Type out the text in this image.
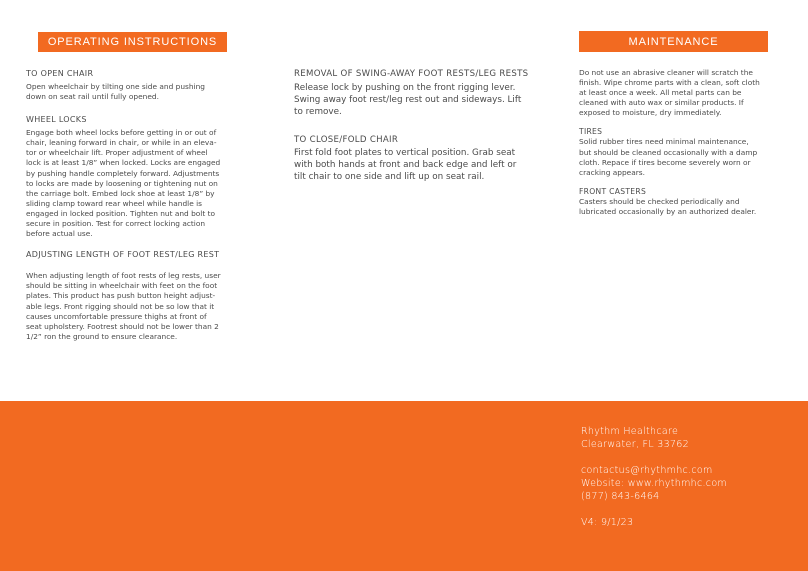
OPERATING INSTRUCTIONS

TO OPEN CHAIR

Open wheelchair by tilting one side and pushing
down on seat rail until fully opened.

WHEEL LOCKS

Engage both wheel locks before getting in or out of
chair, leaning forward in chair, or while in an eleva-
tor or wheelchair lift. Proper adjustment of wheel
lock is at least 1/8” when locked. Locks are engaged
by pushing handle completely forward. Adjustments
to locks are made by loosening or tightening nut on
the carriage bolt. Embed lock shoe at least 1/8” by
sliding clamp toward rear wheel while handle is
engaged in locked position. Tighten nut and bolt to
secure in position. Test for correct locking action
before actual use.

ADJUSTING LENGTH OF FOOT REST/LEG REST

When adjusting length of foot rests of leg rests, user
should be sitting in wheelchair with feet on the foot
plates. This product has push button height adjust-
able legs. Front rigging should not be so low that it
causes uncomfortable pressure thighs at front of
seat upholstery. Footrest should not be lower than 2
1/2” ron the ground to ensure clearance.

REMOVAL OF SWING-AWAY FOOT RESTS/LEG RESTS

Release lock by pushing on the front rigging lever.
Swing away foot rest/leg rest out and sideways. Lift
to remove.

TO CLOSE/FOLD CHAIR

First fold foot plates to vertical position. Grab seat
with both hands at front and back edge and left or
tilt chair to one side and lift up on seat rail.

MAINTENANCE

Do not use an abrasive cleaner will scratch the
finish. Wipe chrome parts with a clean, soft cloth
at least once a week. All metal parts can be
cleaned with auto wax or similar products. If
exposed to moisture, dry immediately.

TIRES

Solid rubber tires need minimal maintenance,
but should be cleaned occasionally with a damp
cloth. Repace if tires become severely worn or
cracking appears.

FRONT CASTERS

Casters should be checked periodically and
lubricated occasionally by an authorized dealer.

Rhythm Healthcare
Clearwater, FL 33762
contactus@rhythmhc.com
Website: www.rhythmhc.com
(877) 843-6464
V4: 9/1/23
